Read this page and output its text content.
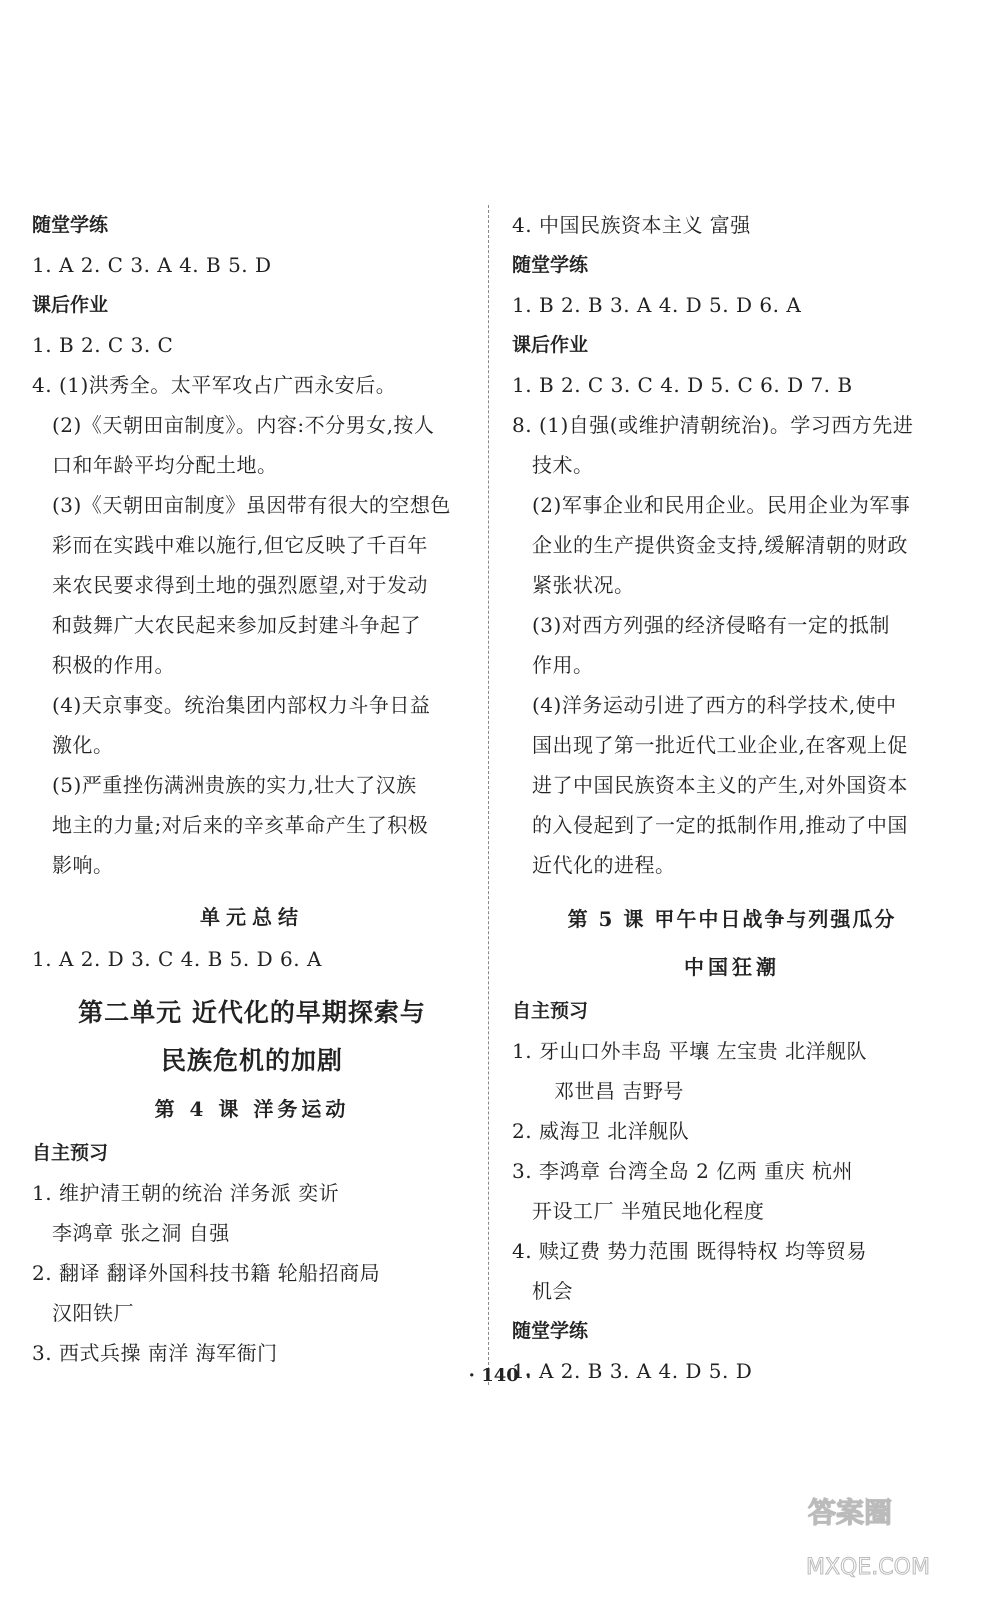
随堂学练
1. A 2. C 3. A 4. B 5. D
课后作业
1. B 2. C 3. C
4. (1)洪秀全。太平军攻占广西永安后。
(2)《天朝田亩制度》。内容:不分男女,按人
口和年龄平均分配土地。
(3)《天朝田亩制度》虽因带有很大的空想色
彩而在实践中难以施行,但它反映了千百年
来农民要求得到土地的强烈愿望,对于发动
和鼓舞广大农民起来参加反封建斗争起了
积极的作用。
(4)天京事变。统治集团内部权力斗争日益
激化。
(5)严重挫伤满洲贵族的实力,壮大了汉族
地主的力量;对后来的辛亥革命产生了积极
影响。
单元总结
1. A 2. D 3. C 4. B 5. D 6. A
第二单元 近代化的早期探索与
民族危机的加剧
第 4 课 洋务运动
自主预习
1. 维护清王朝的统治 洋务派 奕䜣
李鸿章 张之洞 自强
2. 翻译 翻译外国科技书籍 轮船招商局
汉阳铁厂
3. 西式兵操 南洋 海军衙门
4. 中国民族资本主义 富强
随堂学练
1. B 2. B 3. A 4. D 5. D 6. A
课后作业
1. B 2. C 3. C 4. D 5. C 6. D 7. B
8. (1)自强(或维护清朝统治)。学习西方先进
技术。
(2)军事企业和民用企业。民用企业为军事
企业的生产提供资金支持,缓解清朝的财政
紧张状况。
(3)对西方列强的经济侵略有一定的抵制
作用。
(4)洋务运动引进了西方的科学技术,使中
国出现了第一批近代工业企业,在客观上促
进了中国民族资本主义的产生,对外国资本
的入侵起到了一定的抵制作用,推动了中国
近代化的进程。
第 5 课 甲午中日战争与列强瓜分
中国狂潮
自主预习
1. 牙山口外丰岛 平壤 左宝贵 北洋舰队
邓世昌 吉野号
2. 威海卫 北洋舰队
3. 李鸿章 台湾全岛 2 亿两 重庆 杭州
开设工厂 半殖民地化程度
4. 赎辽费 势力范围 既得特权 均等贸易
机会
随堂学练
1. A 2. B 3. A 4. D 5. D
· 140 ·
答案圈
MXQE.COM
